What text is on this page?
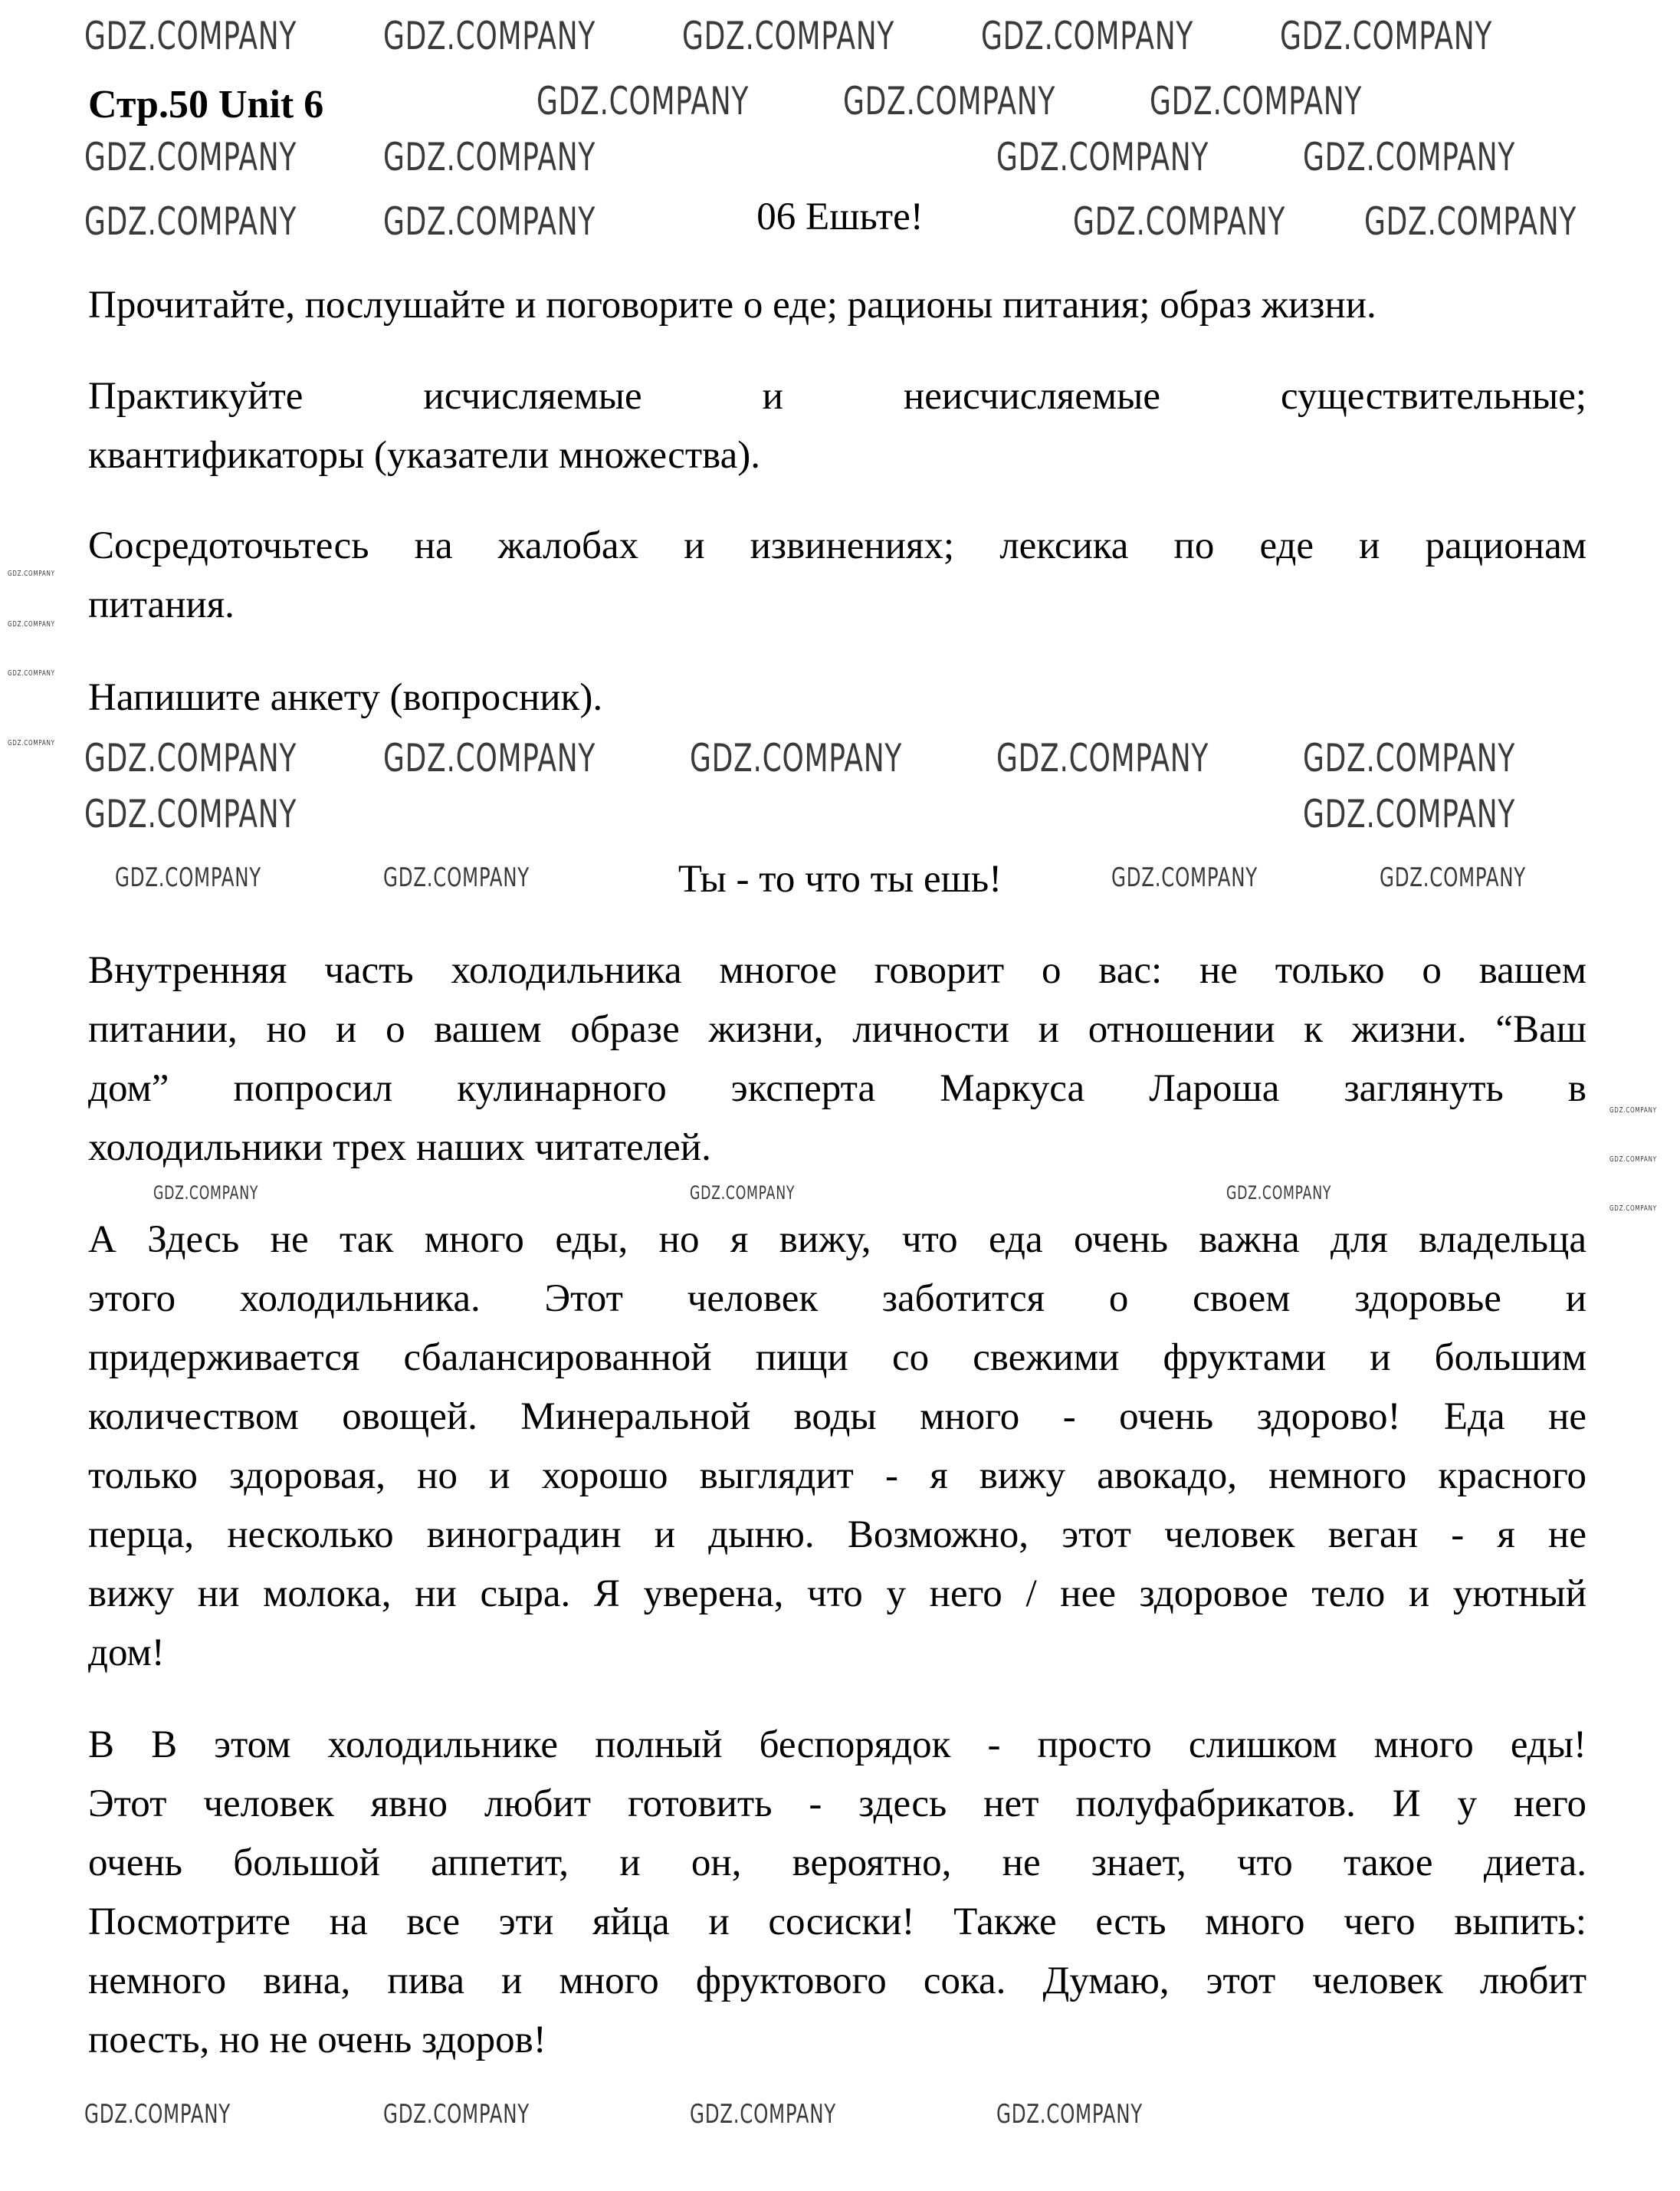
Стр.50 Unit 6
06 Ешьте!
Прочитайте, послушайте и поговорите о еде; рационы питания; образ жизни.
Практикуйте исчисляемые и неисчисляемые существительные;
квантификаторы (указатели множества).
Сосредоточьтесь на жалобах и извинениях; лексика по еде и рационам
питания.
Напишите анкету (вопросник).
Ты - то что ты ешь!
Внутренняя часть холодильника многое говорит о вас: не только о вашем
питании, но и о вашем образе жизни, личности и отношении к жизни. “Ваш
дом” попросил кулинарного эксперта Маркуса Лароша заглянуть в
холодильники трех наших читателей.
А Здесь не так много еды, но я вижу, что еда очень важна для владельца
этого холодильника. Этот человек заботится о своем здоровье и
придерживается сбалансированной пищи со свежими фруктами и большим
количеством овощей. Минеральной воды много - очень здорово! Еда не
только здоровая, но и хорошо выглядит - я вижу авокадо, немного красного
перца, несколько виноградин и дыню. Возможно, этот человек веган - я не
вижу ни молока, ни сыра. Я уверена, что у него / нее здоровое тело и уютный
дом!
В В этом холодильнике полный беспорядок - просто слишком много еды!
Этот человек явно любит готовить - здесь нет полуфабрикатов. И у него
очень большой аппетит, и он, вероятно, не знает, что такое диета.
Посмотрите на все эти яйца и сосиски! Также есть много чего выпить:
немного вина, пива и много фруктового сока. Думаю, этот человек любит
поесть, но не очень здоров!
GDZ.COMPANY GDZ.COMPANY GDZ.COMPANY GDZ.COMPANY GDZ.COMPANY
GDZ.COMPANY GDZ.COMPANY GDZ.COMPANY
GDZ.COMPANY GDZ.COMPANY	GDZ.COMPANY GDZ.COMPANY
GDZ.COMPANY GDZ.COMPANY	GDZ.COMPANY GDZ.COMPANY
GDZ.COMPANY GDZ.COMPANY GDZ.COMPANY GDZ.COMPANY GDZ.COMPANY
GDZ.COMPANY	GDZ.COMPANY
GDZ.COMPANY	GDZ.COMPANY	GDZ.COMPANY	GDZ.COMPANY
GDZ.COMPANY	GDZ.COMPANY	GDZ.COMPANY	GDZ.COMPANY
GDZ.COMPANY	GDZ.COMPANY	GDZ.COMPANY
GDZ.COMPANY
GDZ.COMPANY
GDZ.COMPANY
GDZ.COMPANY
GDZ.COMPANY
GDZ.COMPANY
GDZ.COMPANY
